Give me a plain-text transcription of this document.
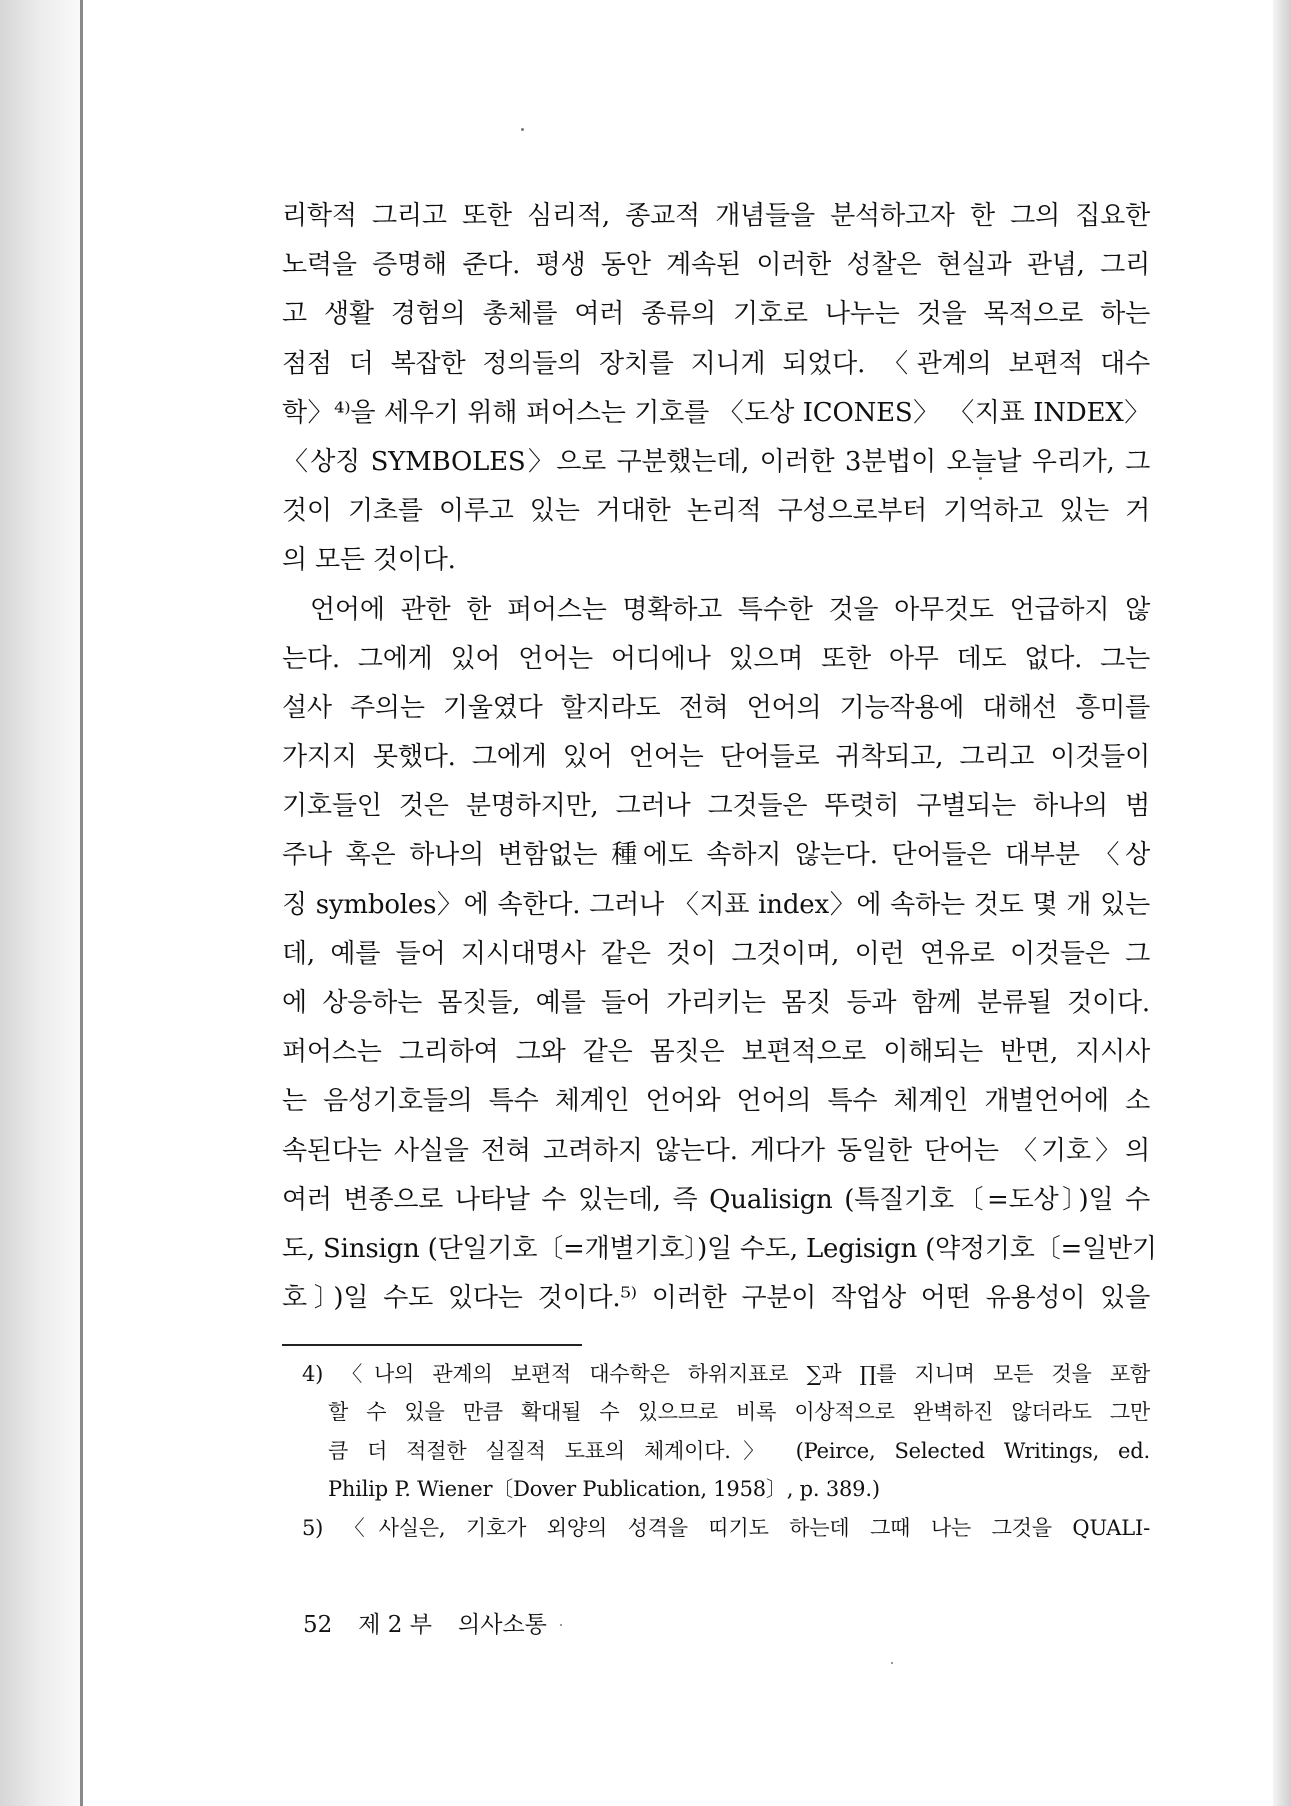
리학적 그리고 또한 심리적, 종교적 개념들을 분석하고자 한 그의 집요한
노력을 증명해 준다. 평생 동안 계속된 이러한 성찰은 현실과 관념, 그리
고 생활 경험의 총체를 여러 종류의 기호로 나누는 것을 목적으로 하는
점점 더 복잡한 정의들의 장치를 지니게 되었다. 〈관계의 보편적 대수
학〉⁴⁾을 세우기 위해 퍼어스는 기호를 〈도상 ICONES〉 〈지표 INDEX〉
〈상징 SYMBOLES〉으로 구분했는데, 이러한 3분법이 오늘날 우리가, 그
것이 기초를 이루고 있는 거대한 논리적 구성으로부터 기억하고 있는 거
의 모든 것이다.
언어에 관한 한 퍼어스는 명확하고 특수한 것을 아무것도 언급하지 않
는다. 그에게 있어 언어는 어디에나 있으며 또한 아무 데도 없다. 그는
설사 주의는 기울였다 할지라도 전혀 언어의 기능작용에 대해선 흥미를
가지지 못했다. 그에게 있어 언어는 단어들로 귀착되고, 그리고 이것들이
기호들인 것은 분명하지만, 그러나 그것들은 뚜렷히 구별되는 하나의 범
주나 혹은 하나의 변함없는 種에도 속하지 않는다. 단어들은 대부분 〈상
징 symboles〉에 속한다. 그러나 〈지표 index〉에 속하는 것도 몇 개 있는
데, 예를 들어 지시대명사 같은 것이 그것이며, 이런 연유로 이것들은 그
에 상응하는 몸짓들, 예를 들어 가리키는 몸짓 등과 함께 분류될 것이다.
퍼어스는 그리하여 그와 같은 몸짓은 보편적으로 이해되는 반면, 지시사
는 음성기호들의 특수 체계인 언어와 언어의 특수 체계인 개별언어에 소
속된다는 사실을 전혀 고려하지 않는다. 게다가 동일한 단어는 〈기호〉의
여러 변종으로 나타날 수 있는데, 즉 Qualisign (특질기호〔=도상〕)일 수
도, Sinsign (단일기호〔=개별기호〕)일 수도, Legisign (약정기호〔=일반기
호〕)일 수도 있다는 것이다.⁵⁾ 이러한 구분이 작업상 어떤 유용성이 있을
4) 〈나의 관계의 보편적 대수학은 하위지표로 ∑과 ∏를 지니며 모든 것을 포함
할 수 있을 만큼 확대될 수 있으므로 비록 이상적으로 완벽하진 않더라도 그만
큼 더 적절한 실질적 도표의 체계이다.〉 (Peirce, Selected Writings, ed.
Philip P. Wiener〔Dover Publication, 1958〕, p. 389.)
5) 〈사실은, 기호가 외양의 성격을 띠기도 하는데 그때 나는 그것을 QUALI-
52 제 2 부 의사소통
